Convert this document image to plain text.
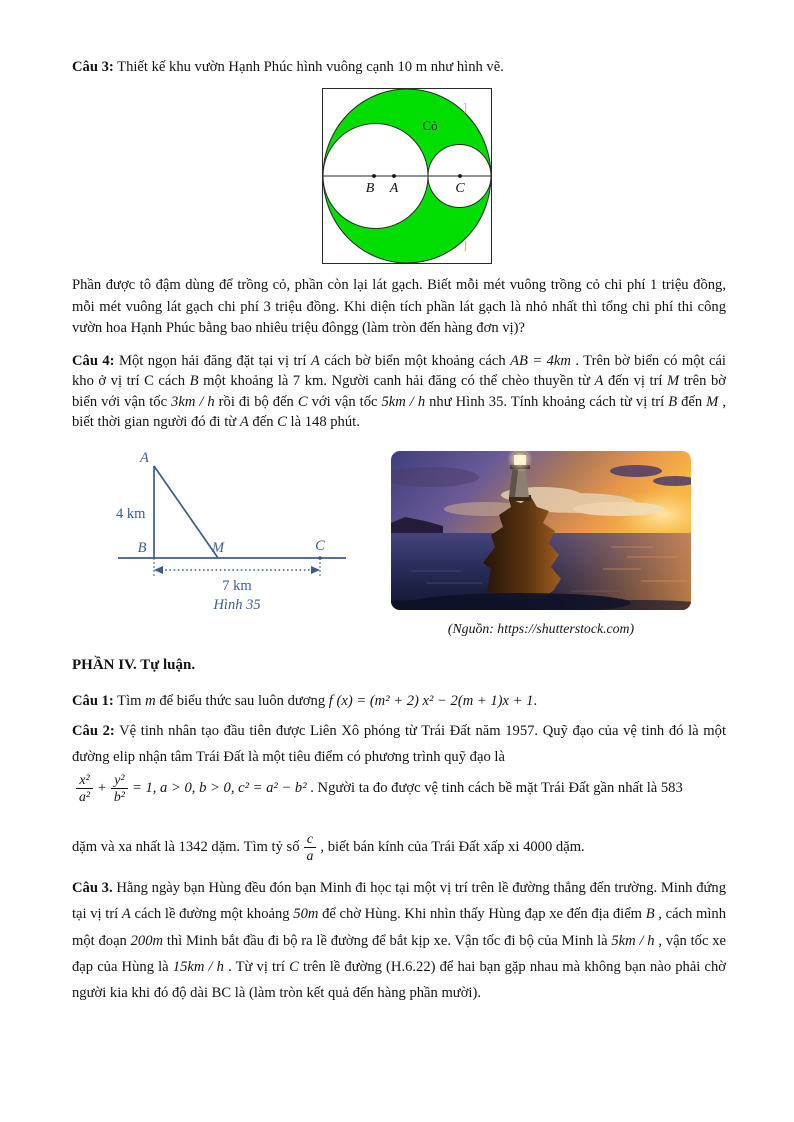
Câu 3: Thiết kế khu vườn Hạnh Phúc hình vuông cạnh 10 m như hình vẽ.
B A	C
Cỏ
]
]
Phần được tô đậm dùng để trồng cỏ, phần còn lại lát gạch. Biết mỗi mét vuông trồng cỏ chi phí 1 triệu đồng, mỗi mét vuông lát gạch chi phí 3 triệu đồng. Khi diện tích phần lát gạch là nhỏ nhất thì tổng chi phí thi công vườn hoa Hạnh Phúc bằng bao nhiêu triệu đôngg (làm tròn đến hàng đơn vị)?
Câu 4: Một ngọn hải đăng đặt tại vị trí A cách bờ biển một khoảng cách AB = 4km . Trên bờ biển có một cái kho ở vị trí C cách B một khoảng là 7 km. Người canh hải đăng có thể chèo thuyền từ A đến vị trí M trên bờ biển với vận tốc 3km / h rồi đi bộ đến C với vận tốc 5km / h như Hình 35. Tính khoảng cách từ vị trí B đến M , biết thời gian người đó đi từ A đến C là 148 phút.
A
4 km
B	M	C
7 km
Hình 35
(Nguồn: https://shutterstock.com)
PHẦN IV. Tự luận.
Câu 1: Tìm m để biểu thức sau luôn dương f (x) = (m² + 2) x² − 2(m + 1)x + 1.
Câu 2: Vệ tinh nhân tạo đầu tiên được Liên Xô phóng từ Trái Đất năm 1957. Quỹ đạo của vệ tinh đó là một đường elip nhận tâm Trái Đất là một tiêu điểm có phương trình quỹ đạo là
$\frac{\text{x²}}{\text{a²}} + \frac{\text{y²}}{\text{b²}} = 1$, a > 0, b > 0, c² = a² − b² . Người ta đo được vệ tinh cách bề mặt Trái Đất gần nhất là 583
dặm và xa nhất là 1342 dặm. Tìm tỷ số $\frac{c}{a}$ , biết bán kính của Trái Đất xấp xi 4000 dặm.
Câu 3. Hằng ngày bạn Hùng đều đón bạn Minh đi học tại một vị trí trên lề đường thẳng đến trường. Minh đứng tại vị trí A cách lề đường một khoảng 50m để chờ Hùng. Khi nhìn thấy Hùng đạp xe đến địa điểm B , cách mình một đoạn 200m thì Minh bắt đầu đi bộ ra lề đường để bắt kịp xe. Vận tốc đi bộ của Minh là 5km / h , vận tốc xe đạp của Hùng là 15km / h . Từ vị trí C trên lề đường (H.6.22) để hai bạn gặp nhau mà không bạn nào phải chờ người kia khi đó độ dài BC là (làm tròn kết quả đến hàng phần mười).
